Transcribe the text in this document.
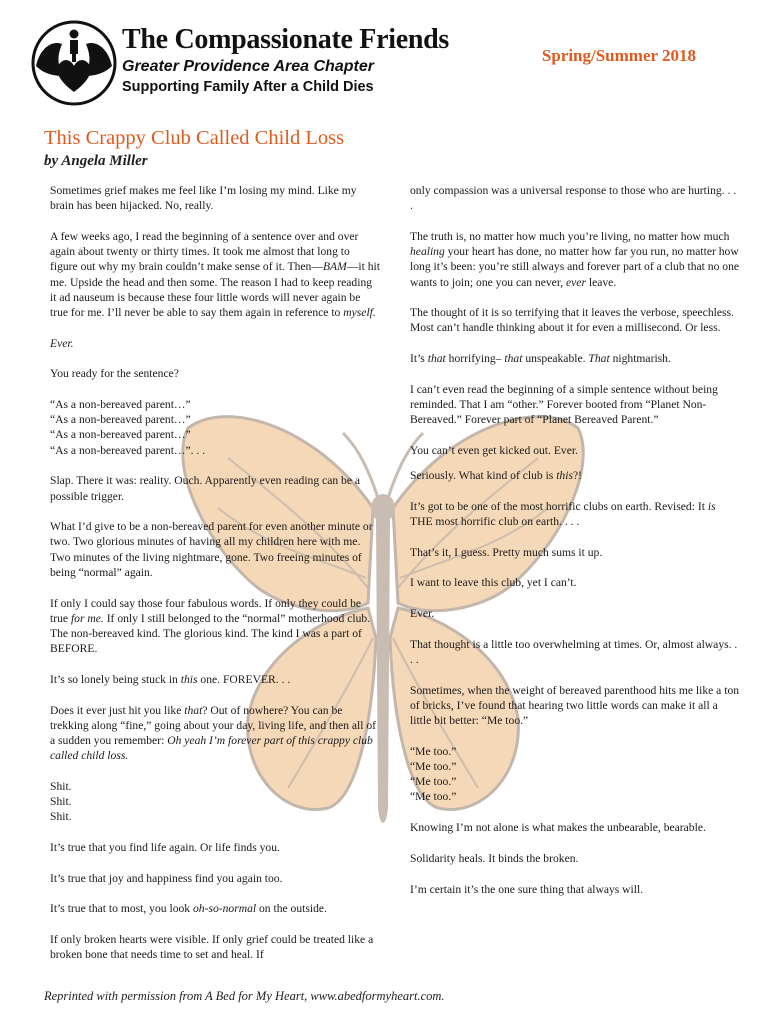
The Compassionate Friends
Greater Providence Area Chapter
Supporting Family After a Child Dies
Spring/Summer 2018
This Crappy Club Called Child Loss
by Angela Miller

Sometimes grief makes me feel like I’m losing my mind. Like my brain has been hijacked. No, really.

A few weeks ago, I read the beginning of a sentence over and over again about twenty or thirty times. It took me almost that long to figure out why my brain couldn’t make sense of it. Then—BAM—it hit me. Upside the head and then some. The reason I had to keep reading it ad nauseum is because these four little words will never again be true for me. I’ll never be able to say them again in reference to myself.

Ever.

You ready for the sentence?

“As a non-bereaved parent…”
“As a non-bereaved parent…”
“As a non-bereaved parent…”
“As a non-bereaved parent…”. . .

Slap. There it was: reality. Ouch. Apparently even reading can be a possible trigger.

What I’d give to be a non-bereaved parent for even another minute or two. Two glorious minutes of having all my children here with me. Two minutes of the living nightmare, gone. Two freeing minutes of being “normal” again.

If only I could say those four fabulous words. If only they could be true for me. If only I still belonged to the “normal” motherhood club. The non-bereaved kind. The glorious kind. The kind I was a part of BEFORE.

It’s so lonely being stuck in this one. FOREVER. . .

Does it ever just hit you like that? Out of nowhere? You can be trekking along “fine,” going about your day, living life, and then all of a sudden you remember: Oh yeah I’m forever part of this crappy club called child loss.

Shit.
Shit.
Shit.

It’s true that you find life again. Or life finds you.

It’s true that joy and happiness find you again too.

It’s true that to most, you look oh-so-normal on the outside.

If only broken hearts were visible. If only grief could be treated like a broken bone that needs time to set and heal. If

only compassion was a universal response to those who are hurting. . . .

The truth is, no matter how much you’re living, no matter how much healing your heart has done, no matter how far you run, no matter how long it’s been: you’re still always and forever part of a club that no one wants to join; one you can never, ever leave.

The thought of it is so terrifying that it leaves the verbose, speechless. Most can’t handle thinking about it for even a millisecond. Or less.

It’s that horrifying– that unspeakable. That nightmarish.

I can’t even read the beginning of a simple sentence without being reminded. That I am “other.” Forever booted from “Planet Non-Bereaved.” Forever part of “Planet Bereaved Parent.”

You can’t even get kicked out. Ever.

Seriously. What kind of club is this?!

It’s got to be one of the most horrific clubs on earth. Revised: It is THE most horrific club on earth. . . .

That’s it, I guess. Pretty much sums it up.

I want to leave this club, yet I can’t.

Ever.

That thought is a little too overwhelming at times. Or, almost always. . . .

Sometimes, when the weight of bereaved parenthood hits me like a ton of bricks, I’ve found that hearing two little words can make it all a little bit better: “Me too.”

“Me too.”
“Me too.”
“Me too.”
“Me too.”

Knowing I’m not alone is what makes the unbearable, bearable.

Solidarity heals. It binds the broken.

I’m certain it’s the one sure thing that always will.

Reprinted with permission from A Bed for My Heart, www.abedformyheart.com.
